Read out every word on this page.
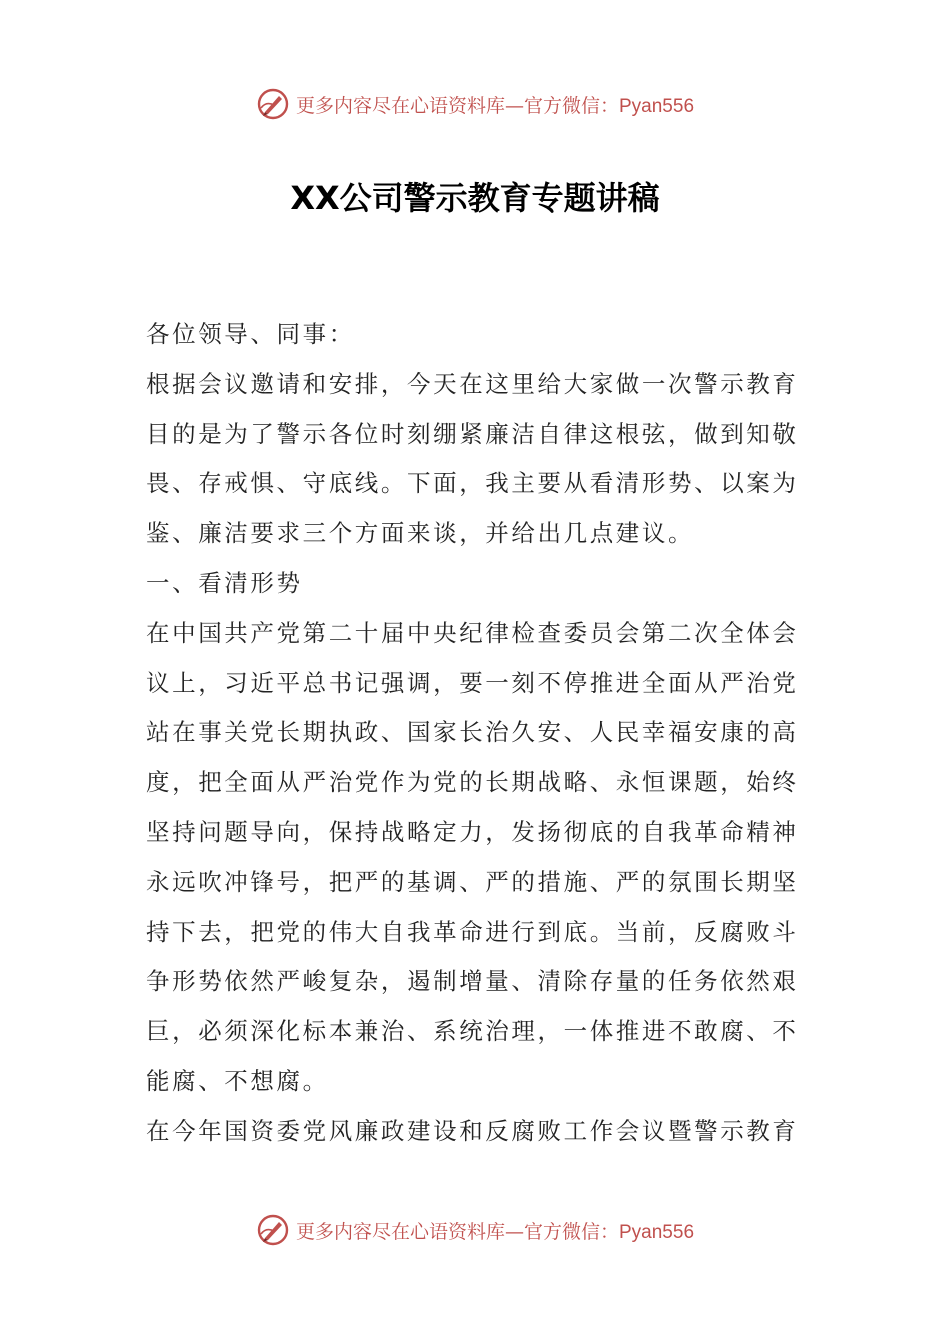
更多内容尽在心语资料库—官方微信：Pyan556
XX公司警示教育专题讲稿

各位领导、同事：

根据会议邀请和安排，今天在这里给大家做一次警示教育目的是为了警示各位时刻绷紧廉洁自律这根弦，做到知敬畏、存戒惧、守底线。下面，我主要从看清形势、以案为鉴、廉洁要求三个方面来谈，并给出几点建议。

一、看清形势

在中国共产党第二十届中央纪律检查委员会第二次全体会议上，习近平总书记强调，要一刻不停推进全面从严治党站在事关党长期执政、国家长治久安、人民幸福安康的高度，把全面从严治党作为党的长期战略、永恒课题，始终坚持问题导向，保持战略定力，发扬彻底的自我革命精神永远吹冲锋号，把严的基调、严的措施、严的氛围长期坚持下去，把党的伟大自我革命进行到底。当前，反腐败斗争形势依然严峻复杂，遏制增量、清除存量的任务依然艰巨，必须深化标本兼治、系统治理，一体推进不敢腐、不能腐、不想腐。

在今年国资委党风廉政建设和反腐败工作会议暨警示教育

更多内容尽在心语资料库—官方微信：Pyan556
